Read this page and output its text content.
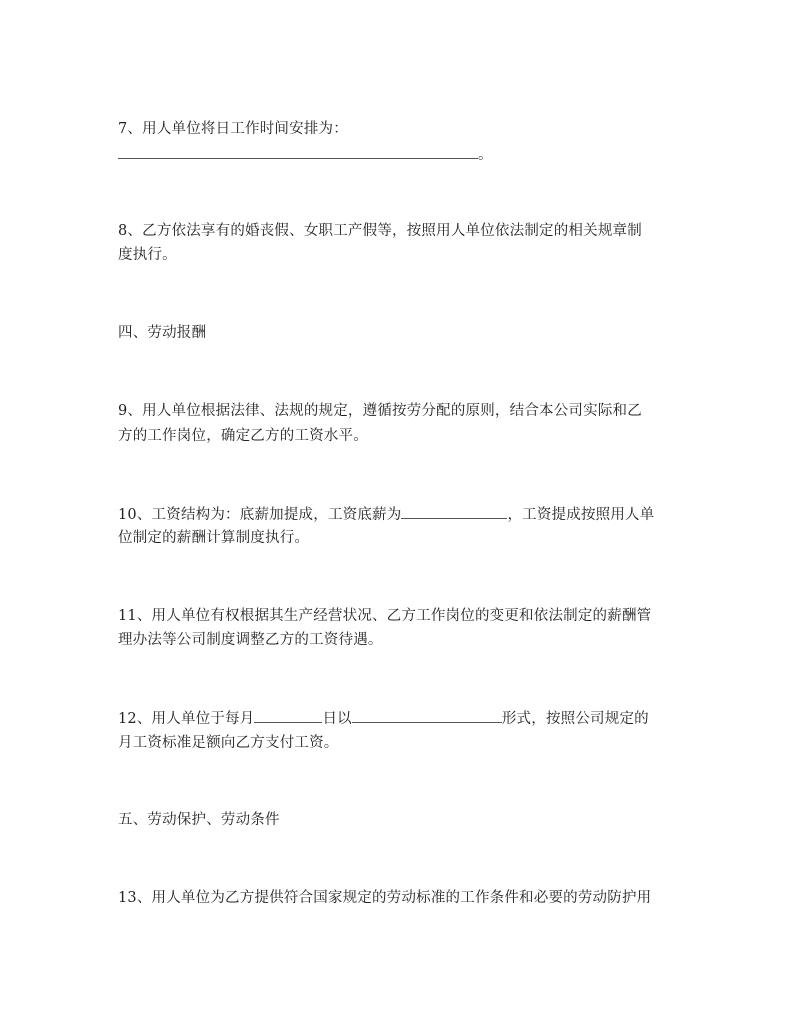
7、用人单位将日工作时间安排为：
。
8、乙方依法享有的婚丧假、女职工产假等，按照用人单位依法制定的相关规章制
度执行。
四、劳动报酬
9、用人单位根据法律、法规的规定，遵循按劳分配的原则，结合本公司实际和乙
方的工作岗位，确定乙方的工资水平。
10、工资结构为：底薪加提成，工资底薪为	，工资提成按照用人单
位制定的薪酬计算制度执行。
11、用人单位有权根据其生产经营状况、乙方工作岗位的变更和依法制定的薪酬管
理办法等公司制度调整乙方的工资待遇。
12、用人单位于每月	日以	形式，按照公司规定的
月工资标准足额向乙方支付工资。
五、劳动保护、劳动条件
13、用人单位为乙方提供符合国家规定的劳动标准的工作条件和必要的劳动防护用
